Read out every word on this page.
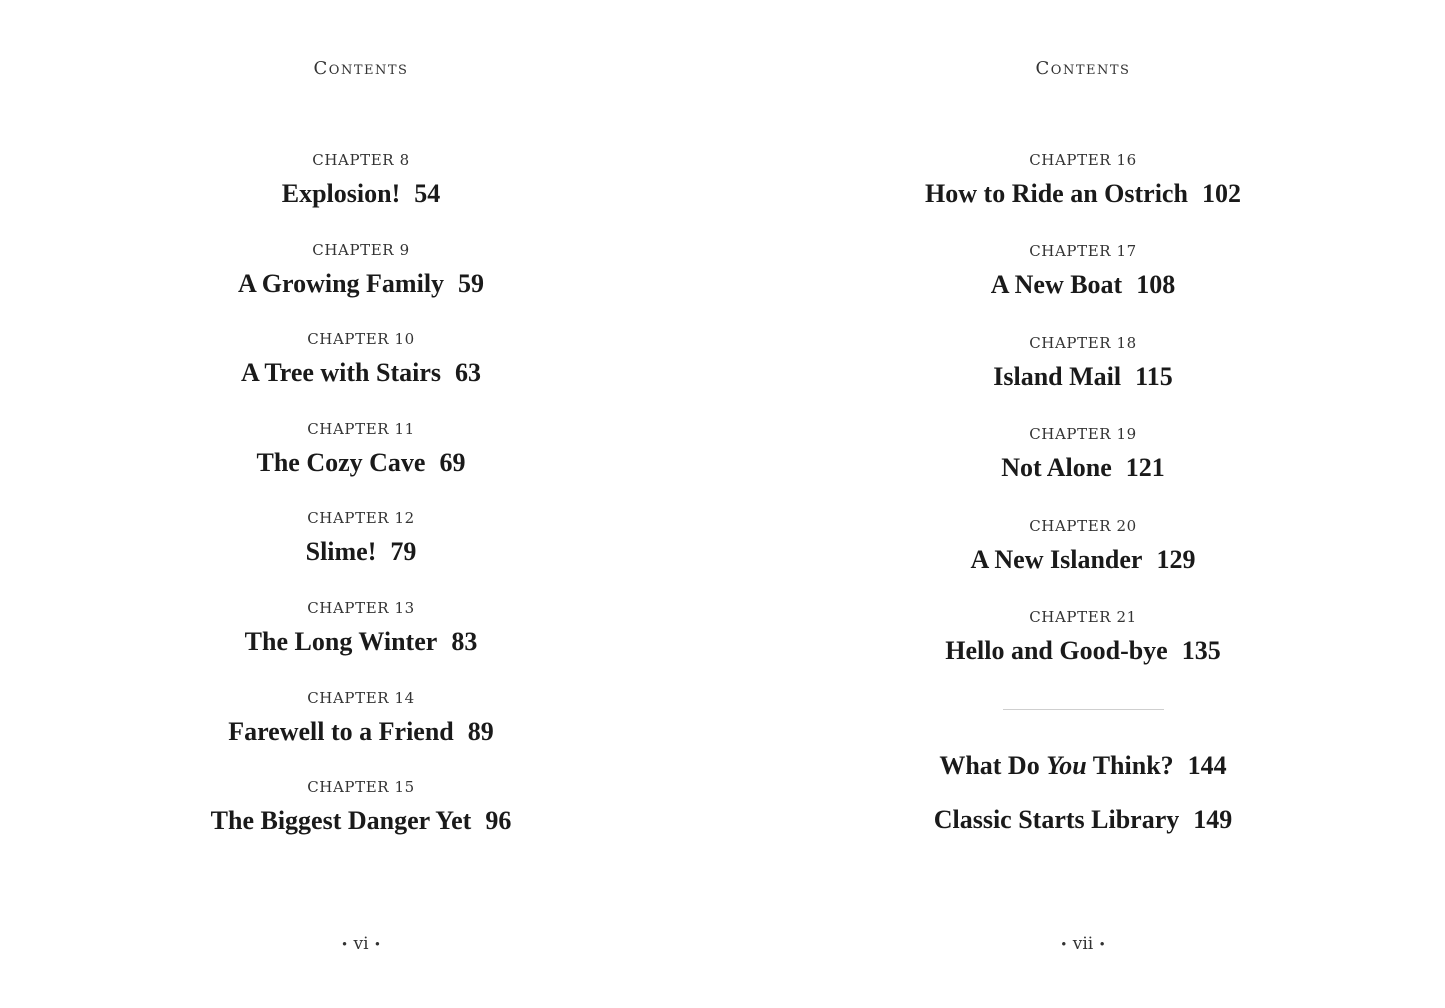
Contents
CHAPTER 8
Explosion! 54
CHAPTER 9
A Growing Family 59
CHAPTER 10
A Tree with Stairs 63
CHAPTER 11
The Cozy Cave 69
CHAPTER 12
Slime! 79
CHAPTER 13
The Long Winter 83
CHAPTER 14
Farewell to a Friend 89
CHAPTER 15
The Biggest Danger Yet 96
• vi •
Contents
CHAPTER 16
How to Ride an Ostrich 102
CHAPTER 17
A New Boat 108
CHAPTER 18
Island Mail 115
CHAPTER 19
Not Alone 121
CHAPTER 20
A New Islander 129
CHAPTER 21
Hello and Good-bye 135
What Do You Think? 144
Classic Starts Library 149
• vii •
